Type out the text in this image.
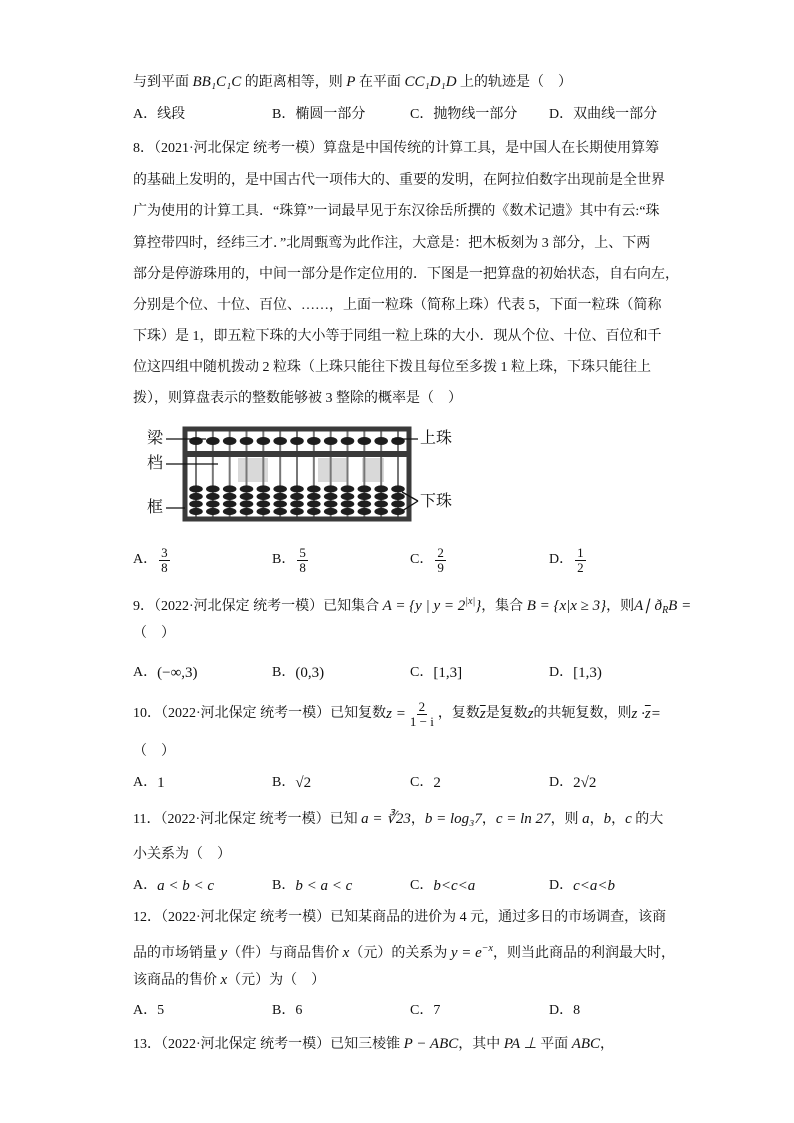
与到平面 BB₁C₁C 的距离相等，则 P 在平面 CC₁D₁D 上的轨迹是（　）
A．线段	B．椭圆一部分	C．抛物线一部分 D．双曲线一部分
8．（2021·河北保定 统考一模）算盘是中国传统的计算工具，是中国人在长期使用算筹
的基础上发明的，是中国古代一项伟大的、重要的发明，在阿拉伯数字出现前是全世界
广为使用的计算工具．“珠算”一词最早见于东汉徐岳所撰的《数术记遗》其中有云:“珠
算控带四时，经纬三才．”北周甄鸾为此作注，大意是：把木板刻为 3 部分，上、下两
部分是停游珠用的，中间一部分是作定位用的．下图是一把算盘的初始状态，自右向左，
分别是个位、十位、百位、……，上面一粒珠（简称上珠）代表 5，下面一粒珠（简称
下珠）是 1，即五粒下珠的大小等于同组一粒上珠的大小．现从个位、十位、百位和千
位这四组中随机拨动 2 粒珠（上珠只能往下拨且每位至多拨 1 粒上珠，下珠只能往上
拨），则算盘表示的整数能够被 3 整除的概率是（　）
梁
档
框
上珠
下珠
A． $\frac{3}{8}$	B． $\frac{5}{8}$	C． $\frac{2}{9}$	D． $\frac{1}{2}$
9．（2022·河北保定 统考一模）已知集合 A = {y | $y = 2^{|x|}$}，集合 B = {x|x ≥ 3}，则A∣ $ð_RB$ =
（　）
A． (−∞,3)	B． (0,3)	C． [1,3]	D． [1,3)
10．（2022·河北保定 统考一模）已知复数 $z = \frac{2}{1 - i}$ ，复数 $\overline{z}$ 是复数 z 的共轭复数，则 $z \cdot \overline{z}$ =
（　）
A． 1	B． √2	C． 2	D． 2√2
11．（2022·河北保定 统考一模）已知 a = ∛23，b = log₃7，c = ln 27，则 a，b，c 的大
小关系为（　）
A． a < b < c	B． b < a < c	C． b<c<a	D． c<a<b
12．（2022·河北保定 统考一模）已知某商品的进价为 4 元，通过多日的市场调查，该商
品的市场销量 y（件）与商品售价 x（元）的关系为 $y = e^{-x}$，则当此商品的利润最大时，
该商品的售价 x（元）为（　）
A．5	B．6	C．7	D．8
13．（2022·河北保定 统考一模）已知三棱锥 P − ABC，其中 PA ⊥ 平面 ABC，
